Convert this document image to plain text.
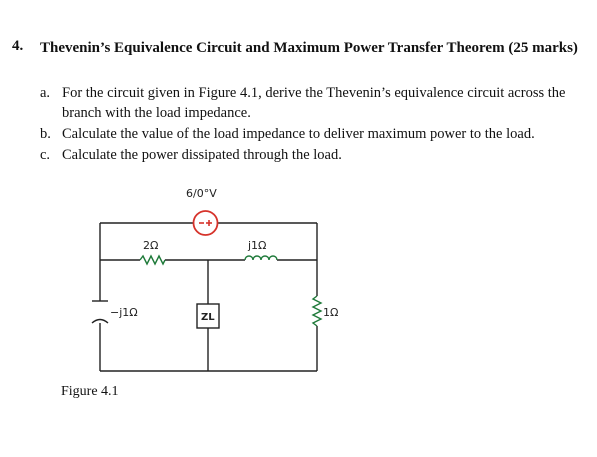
4. Thevenin’s Equivalence Circuit and Maximum Power Transfer Theorem (25 marks)
a. For the circuit given in Figure 4.1, derive the Thevenin’s equivalence circuit across the branch with the load impedance.
b. Calculate the value of the load impedance to deliver maximum power to the load.
c. Calculate the power dissipated through the load.
6/0°V
2Ω	j1Ω
−j1Ω	ZL	1Ω
Figure 4.1
